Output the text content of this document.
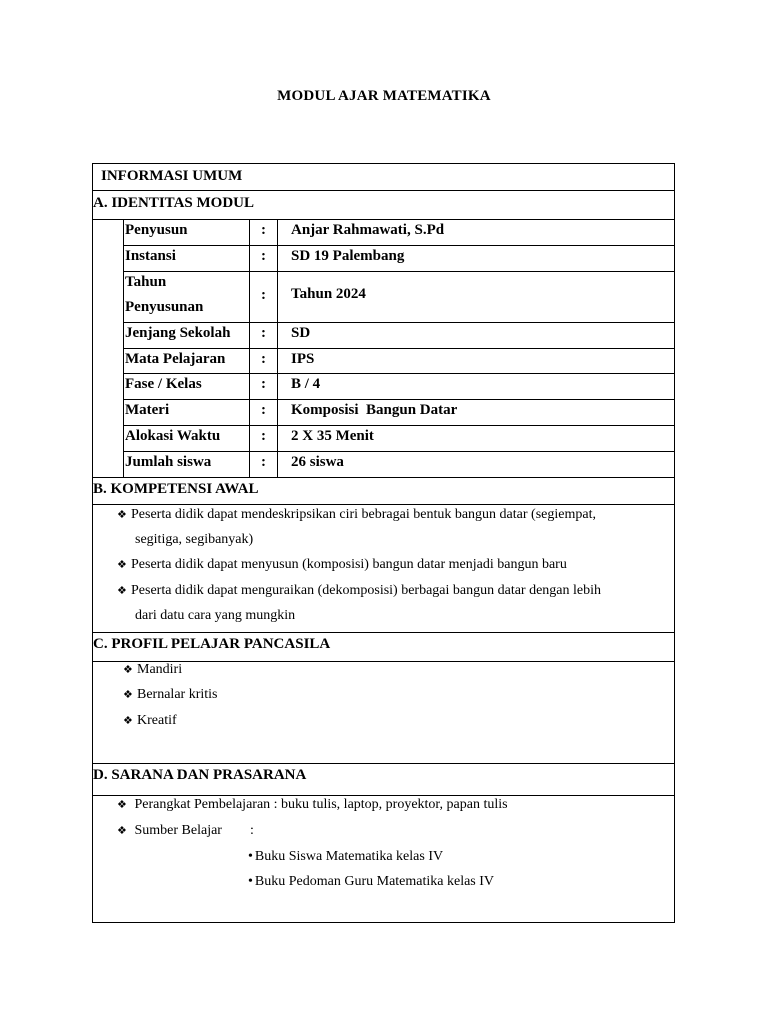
MODUL AJAR MATEMATIKA
INFORMASI UMUM
A. IDENTITAS MODUL
Penyusun	: Anjar Rahmawati, S.Pd
Instansi	: SD 19 Palembang
Tahun
Penyusunan
: Tahun 2024
Jenjang Sekolah : SD
Mata Pelajaran : IPS
Fase / Kelas	: B / 4
Materi	: Komposisi  Bangun Datar
Alokasi Waktu	: 2 X 35 Menit
Jumlah siswa	: 26 siswa
B. KOMPETENSI AWAL
❖ Peserta didik dapat mendeskripsikan ciri bebragai bentuk bangun datar (segiempat,
segitiga, segibanyak)
❖ Peserta didik dapat menyusun (komposisi) bangun datar menjadi bangun baru
❖ Peserta didik dapat menguraikan (dekomposisi) berbagai bangun datar dengan lebih
dari datu cara yang mungkin
C. PROFIL PELAJAR PANCASILA
❖ Mandiri
❖ Bernalar kritis
❖ Kreatif
D. SARANA DAN PRASARANA
❖ Perangkat Pembelajaran : buku tulis, laptop, proyektor, papan tulis
❖ Sumber Belajar        :
• Buku Siswa Matematika kelas IV
• Buku Pedoman Guru Matematika kelas IV
